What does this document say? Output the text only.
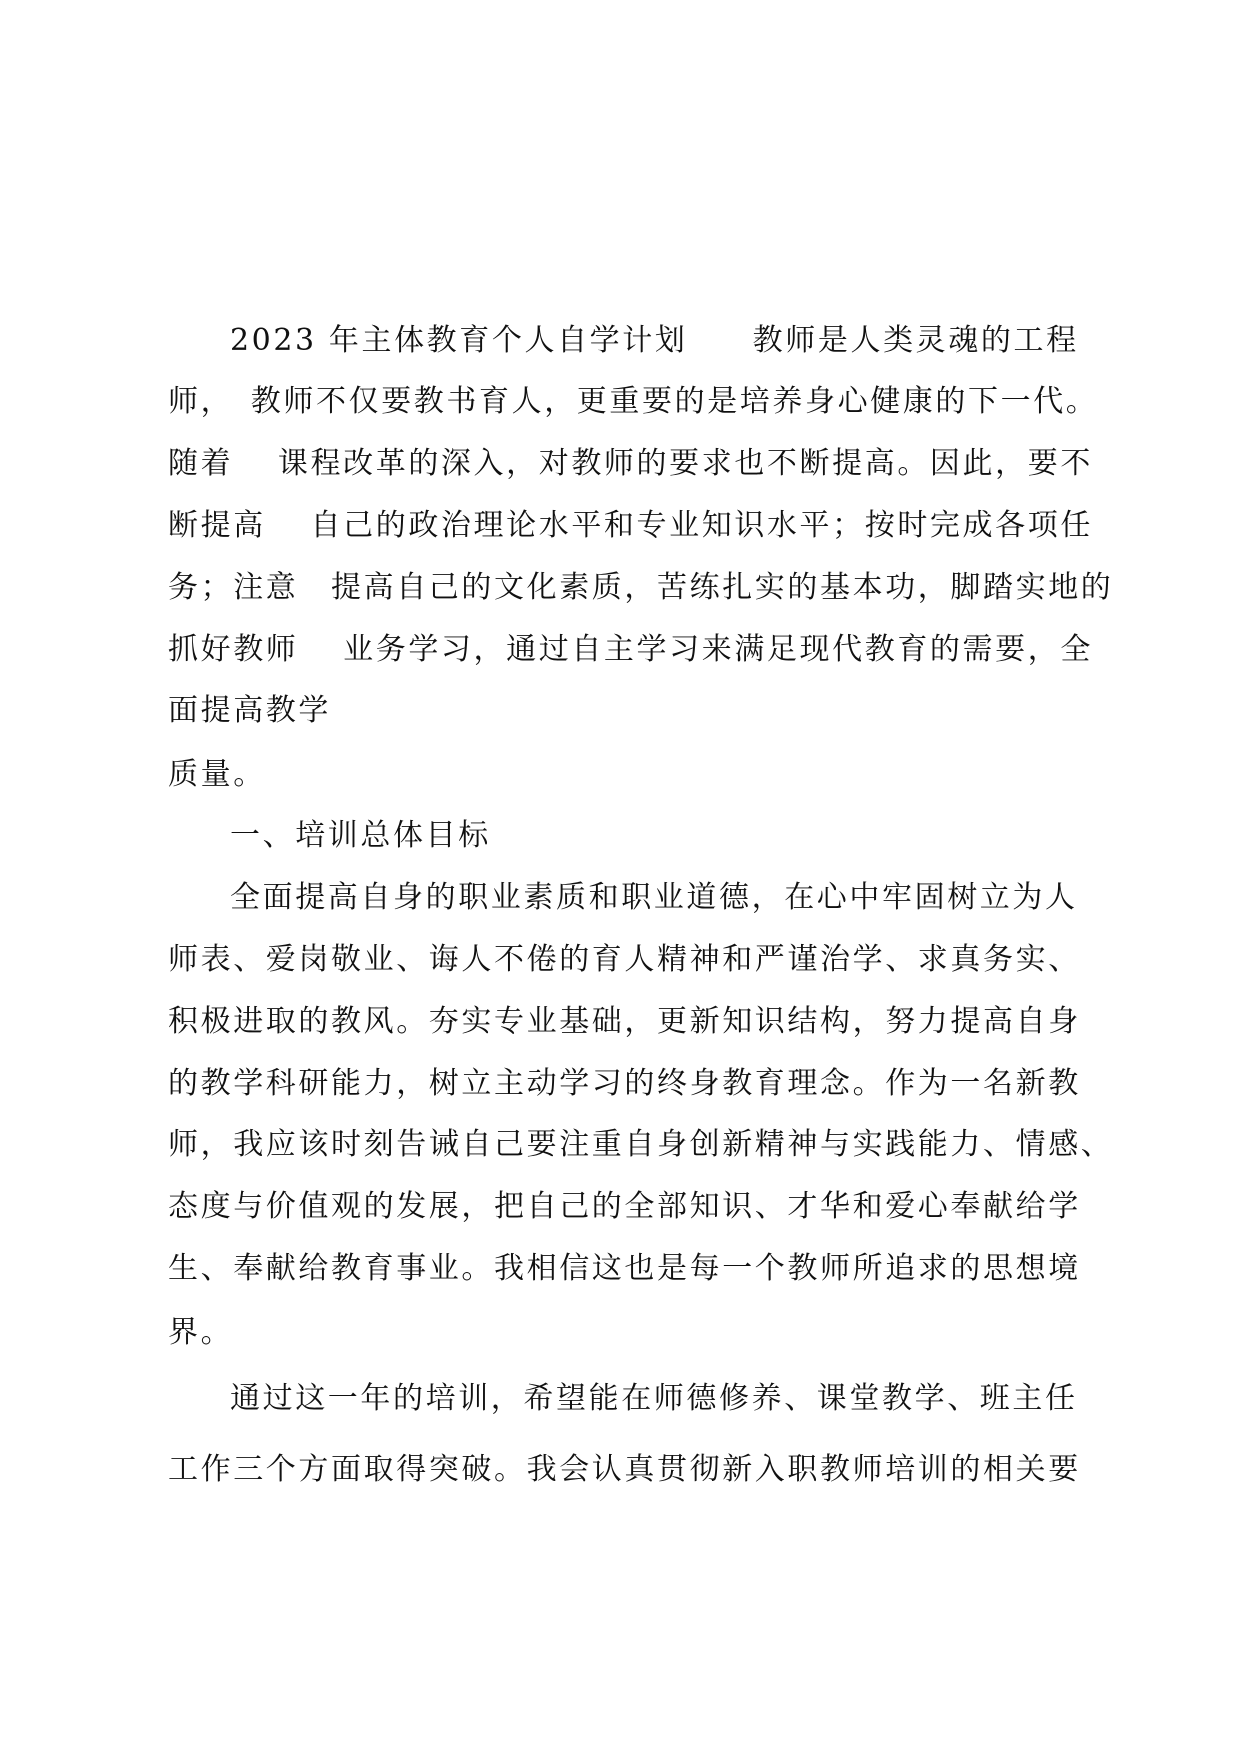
2023 年主体教育个人自学计划　　教师是人类灵魂的工程
师，　教师不仅要教书育人，更重要的是培养身心健康的下一代。
随着　 课程改革的深入，对教师的要求也不断提高。因此，要不
断提高　 自己的政治理论水平和专业知识水平；按时完成各项任
务；注意　提高自己的文化素质，苦练扎实的基本功，脚踏实地的
抓好教师　 业务学习，通过自主学习来满足现代教育的需要，全
面提高教学
质量。
一、培训总体目标
全面提高自身的职业素质和职业道德，在心中牢固树立为人
师表、爱岗敬业、诲人不倦的育人精神和严谨治学、求真务实、
积极进取的教风。夯实专业基础，更新知识结构，努力提高自身
的教学科研能力，树立主动学习的终身教育理念。作为一名新教
师，我应该时刻告诫自己要注重自身创新精神与实践能力、情感、
态度与价值观的发展，把自己的全部知识、才华和爱心奉献给学
生、奉献给教育事业。我相信这也是每一个教师所追求的思想境
界。
通过这一年的培训，希望能在师德修养、课堂教学、班主任
工作三个方面取得突破。我会认真贯彻新入职教师培训的相关要
